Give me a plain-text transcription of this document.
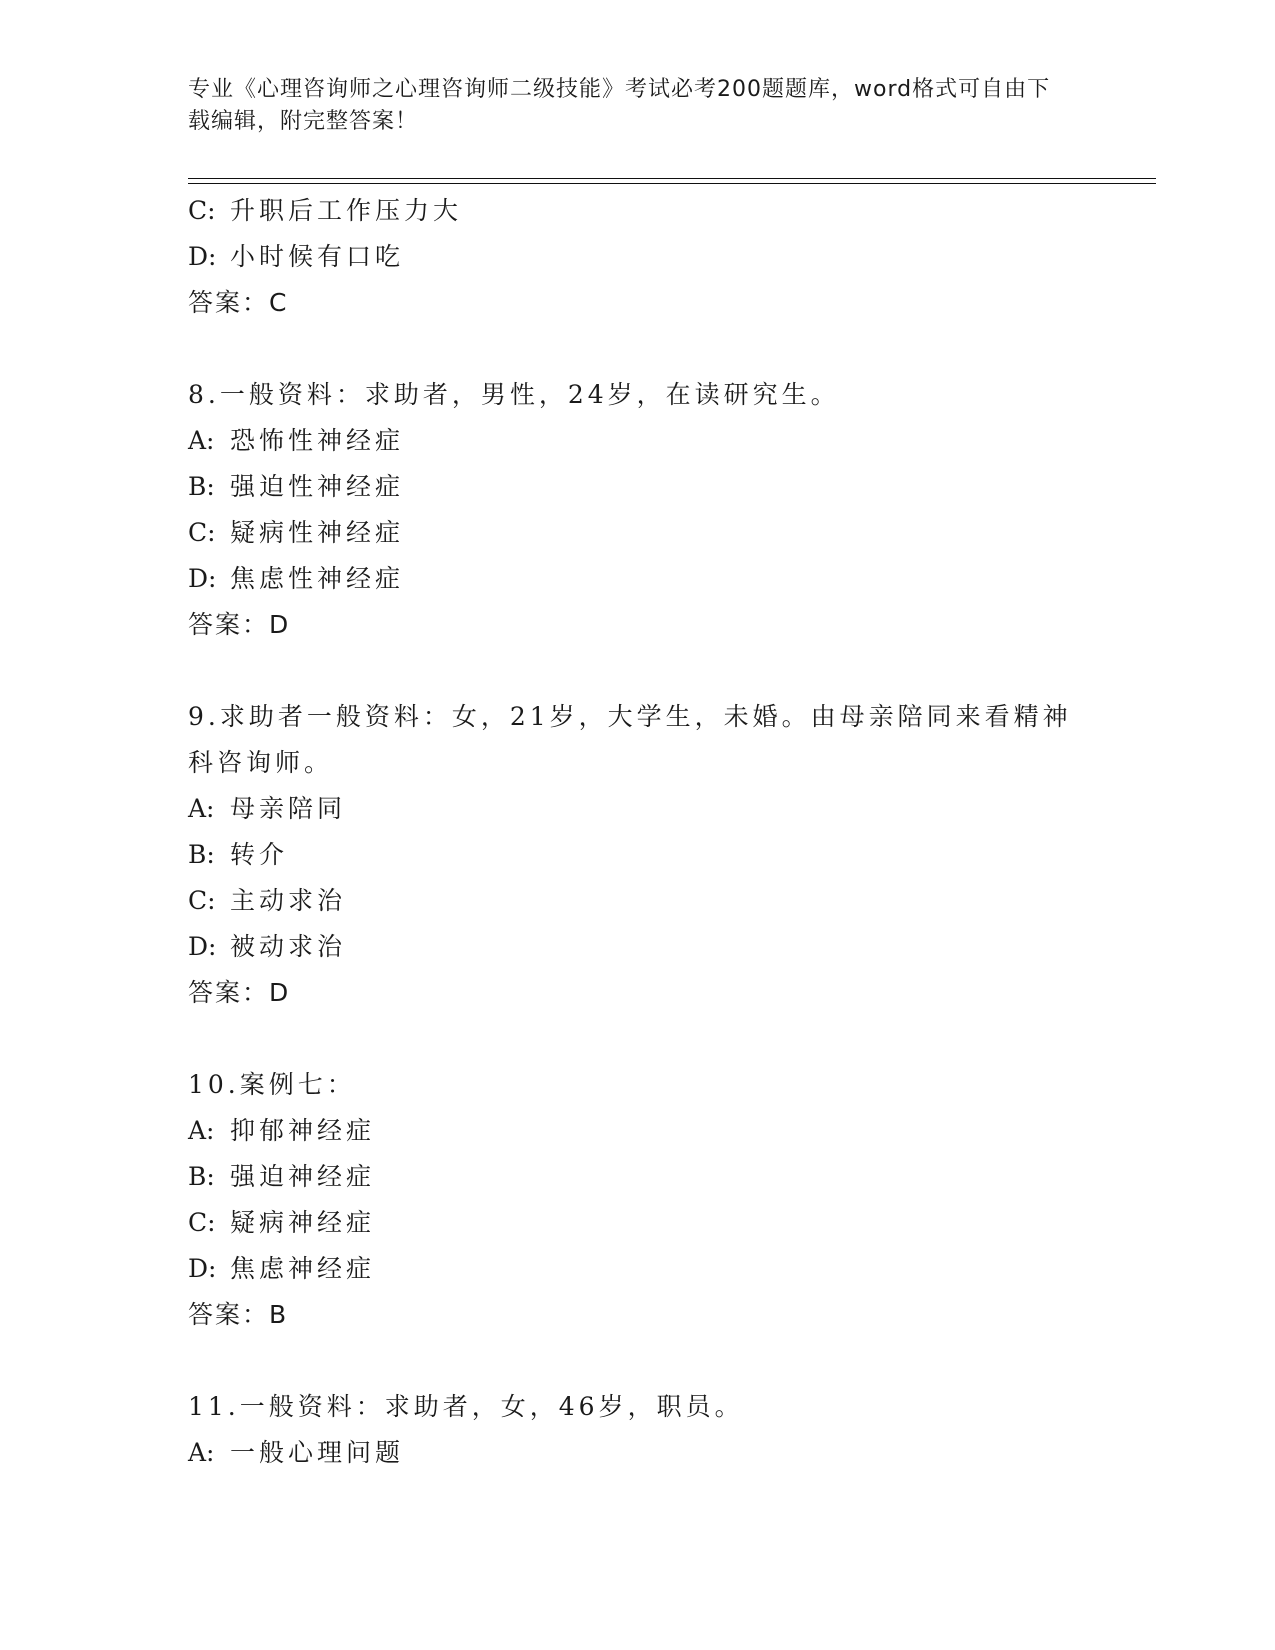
专业《心理咨询师之心理咨询师二级技能》考试必考200题题库，word格式可自由下载编辑，附完整答案！
C: 升职后工作压力大
D: 小时候有口吃
答案：C
8.一般资料：求助者，男性，24岁，在读研究生。
A: 恐怖性神经症
B: 强迫性神经症
C: 疑病性神经症
D: 焦虑性神经症
答案：D
9.求助者一般资料：女，21岁，大学生，未婚。由母亲陪同来看精神
科咨询师。
A: 母亲陪同
B: 转介
C: 主动求治
D: 被动求治
答案：D
10.案例七：
A: 抑郁神经症
B: 强迫神经症
C: 疑病神经症
D: 焦虑神经症
答案：B
11.一般资料：求助者，女，46岁，职员。
A: 一般心理问题
